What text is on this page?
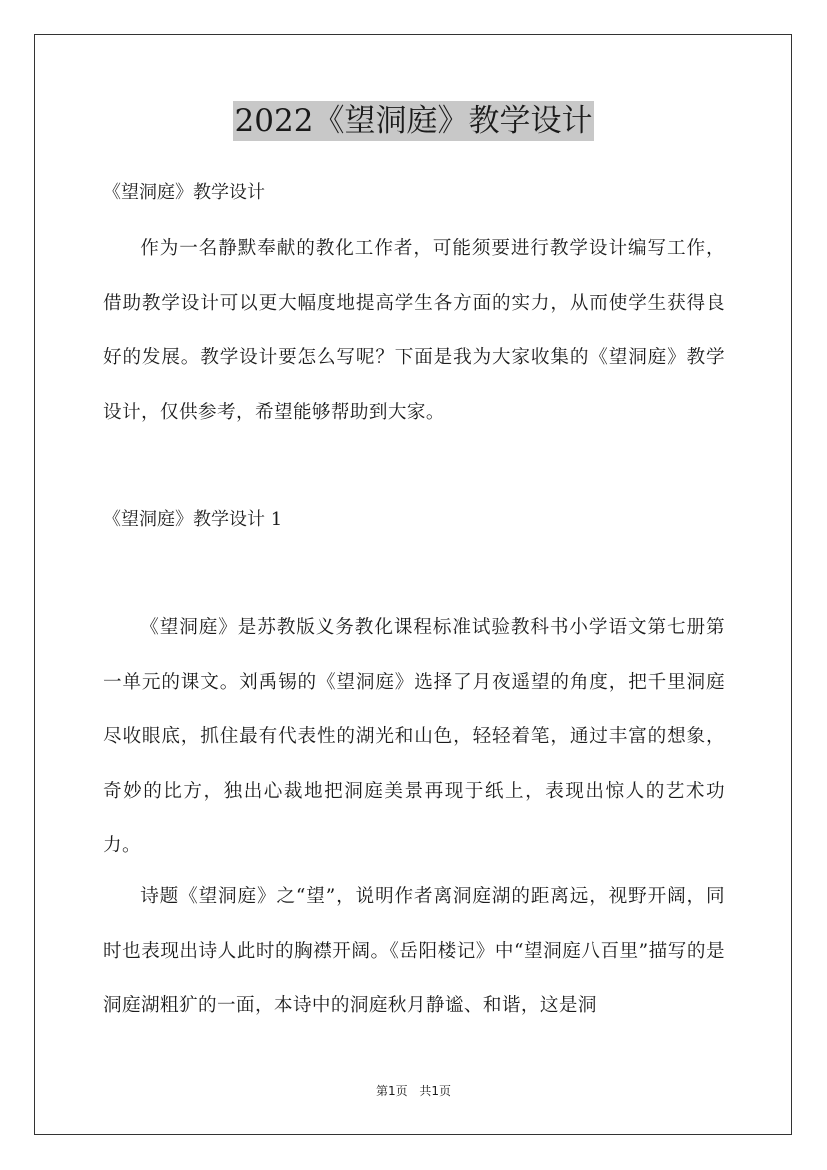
2022《望洞庭》教学设计

《望洞庭》教学设计

作为一名静默奉献的教化工作者，可能须要进行教学设计编写工作，借助教学设计可以更大幅度地提高学生各方面的实力，从而使学生获得良好的发展。教学设计要怎么写呢？下面是我为大家收集的《望洞庭》教学设计，仅供参考，希望能够帮助到大家。

《望洞庭》教学设计 1

《望洞庭》是苏教版义务教化课程标准试验教科书小学语文第七册第一单元的课文。刘禹锡的《望洞庭》选择了月夜遥望的角度，把千里洞庭尽收眼底，抓住最有代表性的湖光和山色，轻轻着笔，通过丰富的想象，奇妙的比方，独出心裁地把洞庭美景再现于纸上，表现出惊人的艺术功力。

诗题《望洞庭》之“望”，说明作者离洞庭湖的距离远，视野开阔，同时也表现出诗人此时的胸襟开阔。《岳阳楼记》中“望洞庭八百里”描写的是洞庭湖粗犷的一面，本诗中的洞庭秋月静谧、和谐，这是洞

第1页 共1页
